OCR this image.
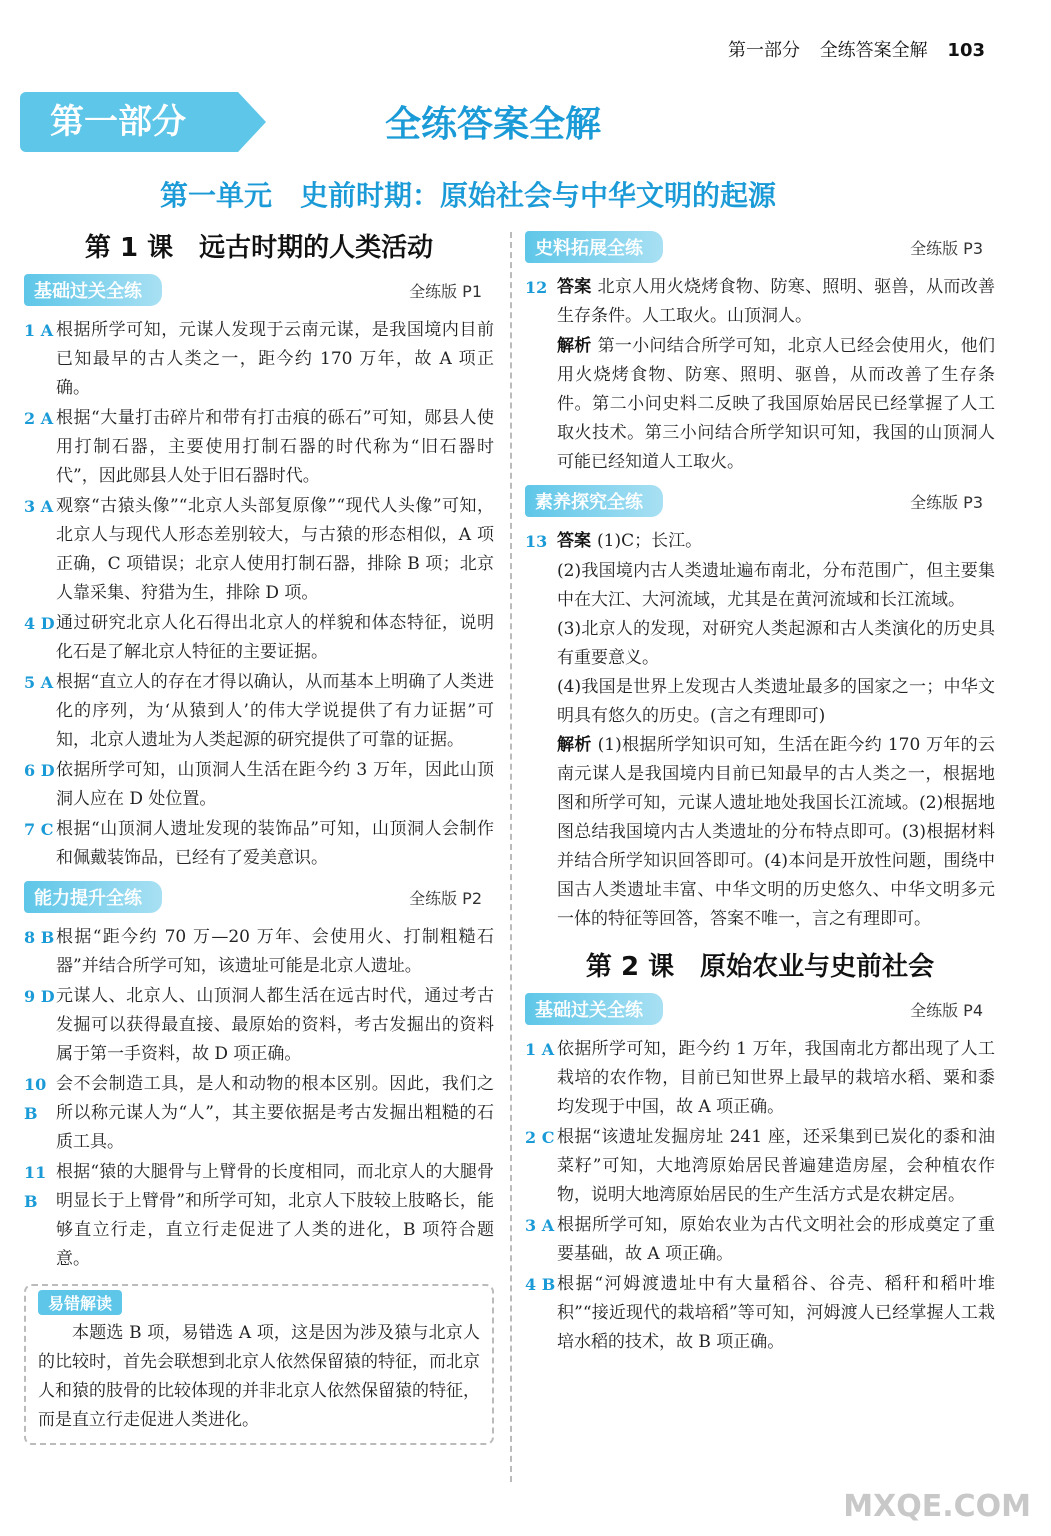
第一部分 全练答案全解 103
第一部分	全练答案全解
第一单元　史前时期：原始社会与中华文明的起源
第 1 课　远古时期的人类活动
基础过关全练	全练版 P1
1 A 根据所学可知，元谋人发现于云南元谋，是我国境内目前已知最早的古人类之一，距今约 170 万年，故 A 项正确。
2 A 根据“大量打击碎片和带有打击痕的砾石”可知，郧县人使用打制石器，主要使用打制石器的时代称为“旧石器时代”，因此郧县人处于旧石器时代。
3 A 观察“古猿头像”“北京人头部复原像”“现代人头像”可知，北京人与现代人形态差别较大，与古猿的形态相似，A 项正确，C 项错误；北京人使用打制石器，排除 B 项；北京人靠采集、狩猎为生，排除 D 项。
4 D 通过研究北京人化石得出北京人的样貌和体态特征，说明化石是了解北京人特征的主要证据。
5 A 根据“直立人的存在才得以确认，从而基本上明确了人类进化的序列，为‘从猿到人’的伟大学说提供了有力证据”可知，北京人遗址为人类起源的研究提供了可靠的证据。
6 D 依据所学可知，山顶洞人生活在距今约 3 万年，因此山顶洞人应在 D 处位置。
7 C 根据“山顶洞人遗址发现的装饰品”可知，山顶洞人会制作和佩戴装饰品，已经有了爱美意识。
能力提升全练	全练版 P2
8 B 根据“距今约 70 万—20 万年、会使用火、打制粗糙石器”并结合所学可知，该遗址可能是北京人遗址。
9 D 元谋人、北京人、山顶洞人都生活在远古时代，通过考古发掘可以获得最直接、最原始的资料，考古发掘出的资料属于第一手资料，故 D 项正确。
10 B
会不会制造工具，是人和动物的根本区别。因此，我们之所以称元谋人为“人”，其主要依据是考古发掘出粗糙的石质工具。
11 B
根据“猿的大腿骨与上臂骨的长度相同，而北京人的大腿骨明显长于上臂骨”和所学可知，北京人下肢较上肢略长，能够直立行走，直立行走促进了人类的进化，B 项符合题意。
易错解读

本题选 B 项，易错选 A 项，这是因为涉及猿与北京人的比较时，首先会联想到北京人依然保留猿的特征，而北京人和猿的肢骨的比较体现的并非北京人依然保留猿的特征，而是直立行走促进人类进化。

史料拓展全练	全练版 P3
12 答案 北京人用火烧烤食物、防寒、照明、驱兽，从而改善生存条件。人工取火。山顶洞人。
解析 第一小问结合所学可知，北京人已经会使用火，他们用火烧烤食物、防寒、照明、驱兽，从而改善了生存条件。第二小问史料二反映了我国原始居民已经掌握了人工取火技术。第三小问结合所学知识可知，我国的山顶洞人可能已经知道人工取火。
素养探究全练	全练版 P3
13 答案 (1)C；长江。
(2)我国境内古人类遗址遍布南北，分布范围广，但主要集中在大江、大河流域，尤其是在黄河流域和长江流域。
(3)北京人的发现，对研究人类起源和古人类演化的历史具有重要意义。
(4)我国是世界上发现古人类遗址最多的国家之一；中华文明具有悠久的历史。(言之有理即可)
解析 (1)根据所学知识可知，生活在距今约 170 万年的云南元谋人是我国境内目前已知最早的古人类之一，根据地图和所学可知，元谋人遗址地处我国长江流域。(2)根据地图总结我国境内古人类遗址的分布特点即可。(3)根据材料并结合所学知识回答即可。(4)本问是开放性问题，围绕中国古人类遗址丰富、中华文明的历史悠久、中华文明多元一体的特征等回答，答案不唯一，言之有理即可。
第 2 课　原始农业与史前社会
基础过关全练	全练版 P4
1 A 依据所学可知，距今约 1 万年，我国南北方都出现了人工栽培的农作物，目前已知世界上最早的栽培水稻、粟和黍均发现于中国，故 A 项正确。
2 C 根据“该遗址发掘房址 241 座，还采集到已炭化的黍和油菜籽”可知，大地湾原始居民普遍建造房屋，会种植农作物，说明大地湾原始居民的生产生活方式是农耕定居。
3 A 根据所学可知，原始农业为古代文明社会的形成奠定了重要基础，故 A 项正确。
4 B 根据“河姆渡遗址中有大量稻谷、谷壳、稻秆和稻叶堆积”“接近现代的栽培稻”等可知，河姆渡人已经掌握人工栽培水稻的技术，故 B 项正确。
MXQE.COM
